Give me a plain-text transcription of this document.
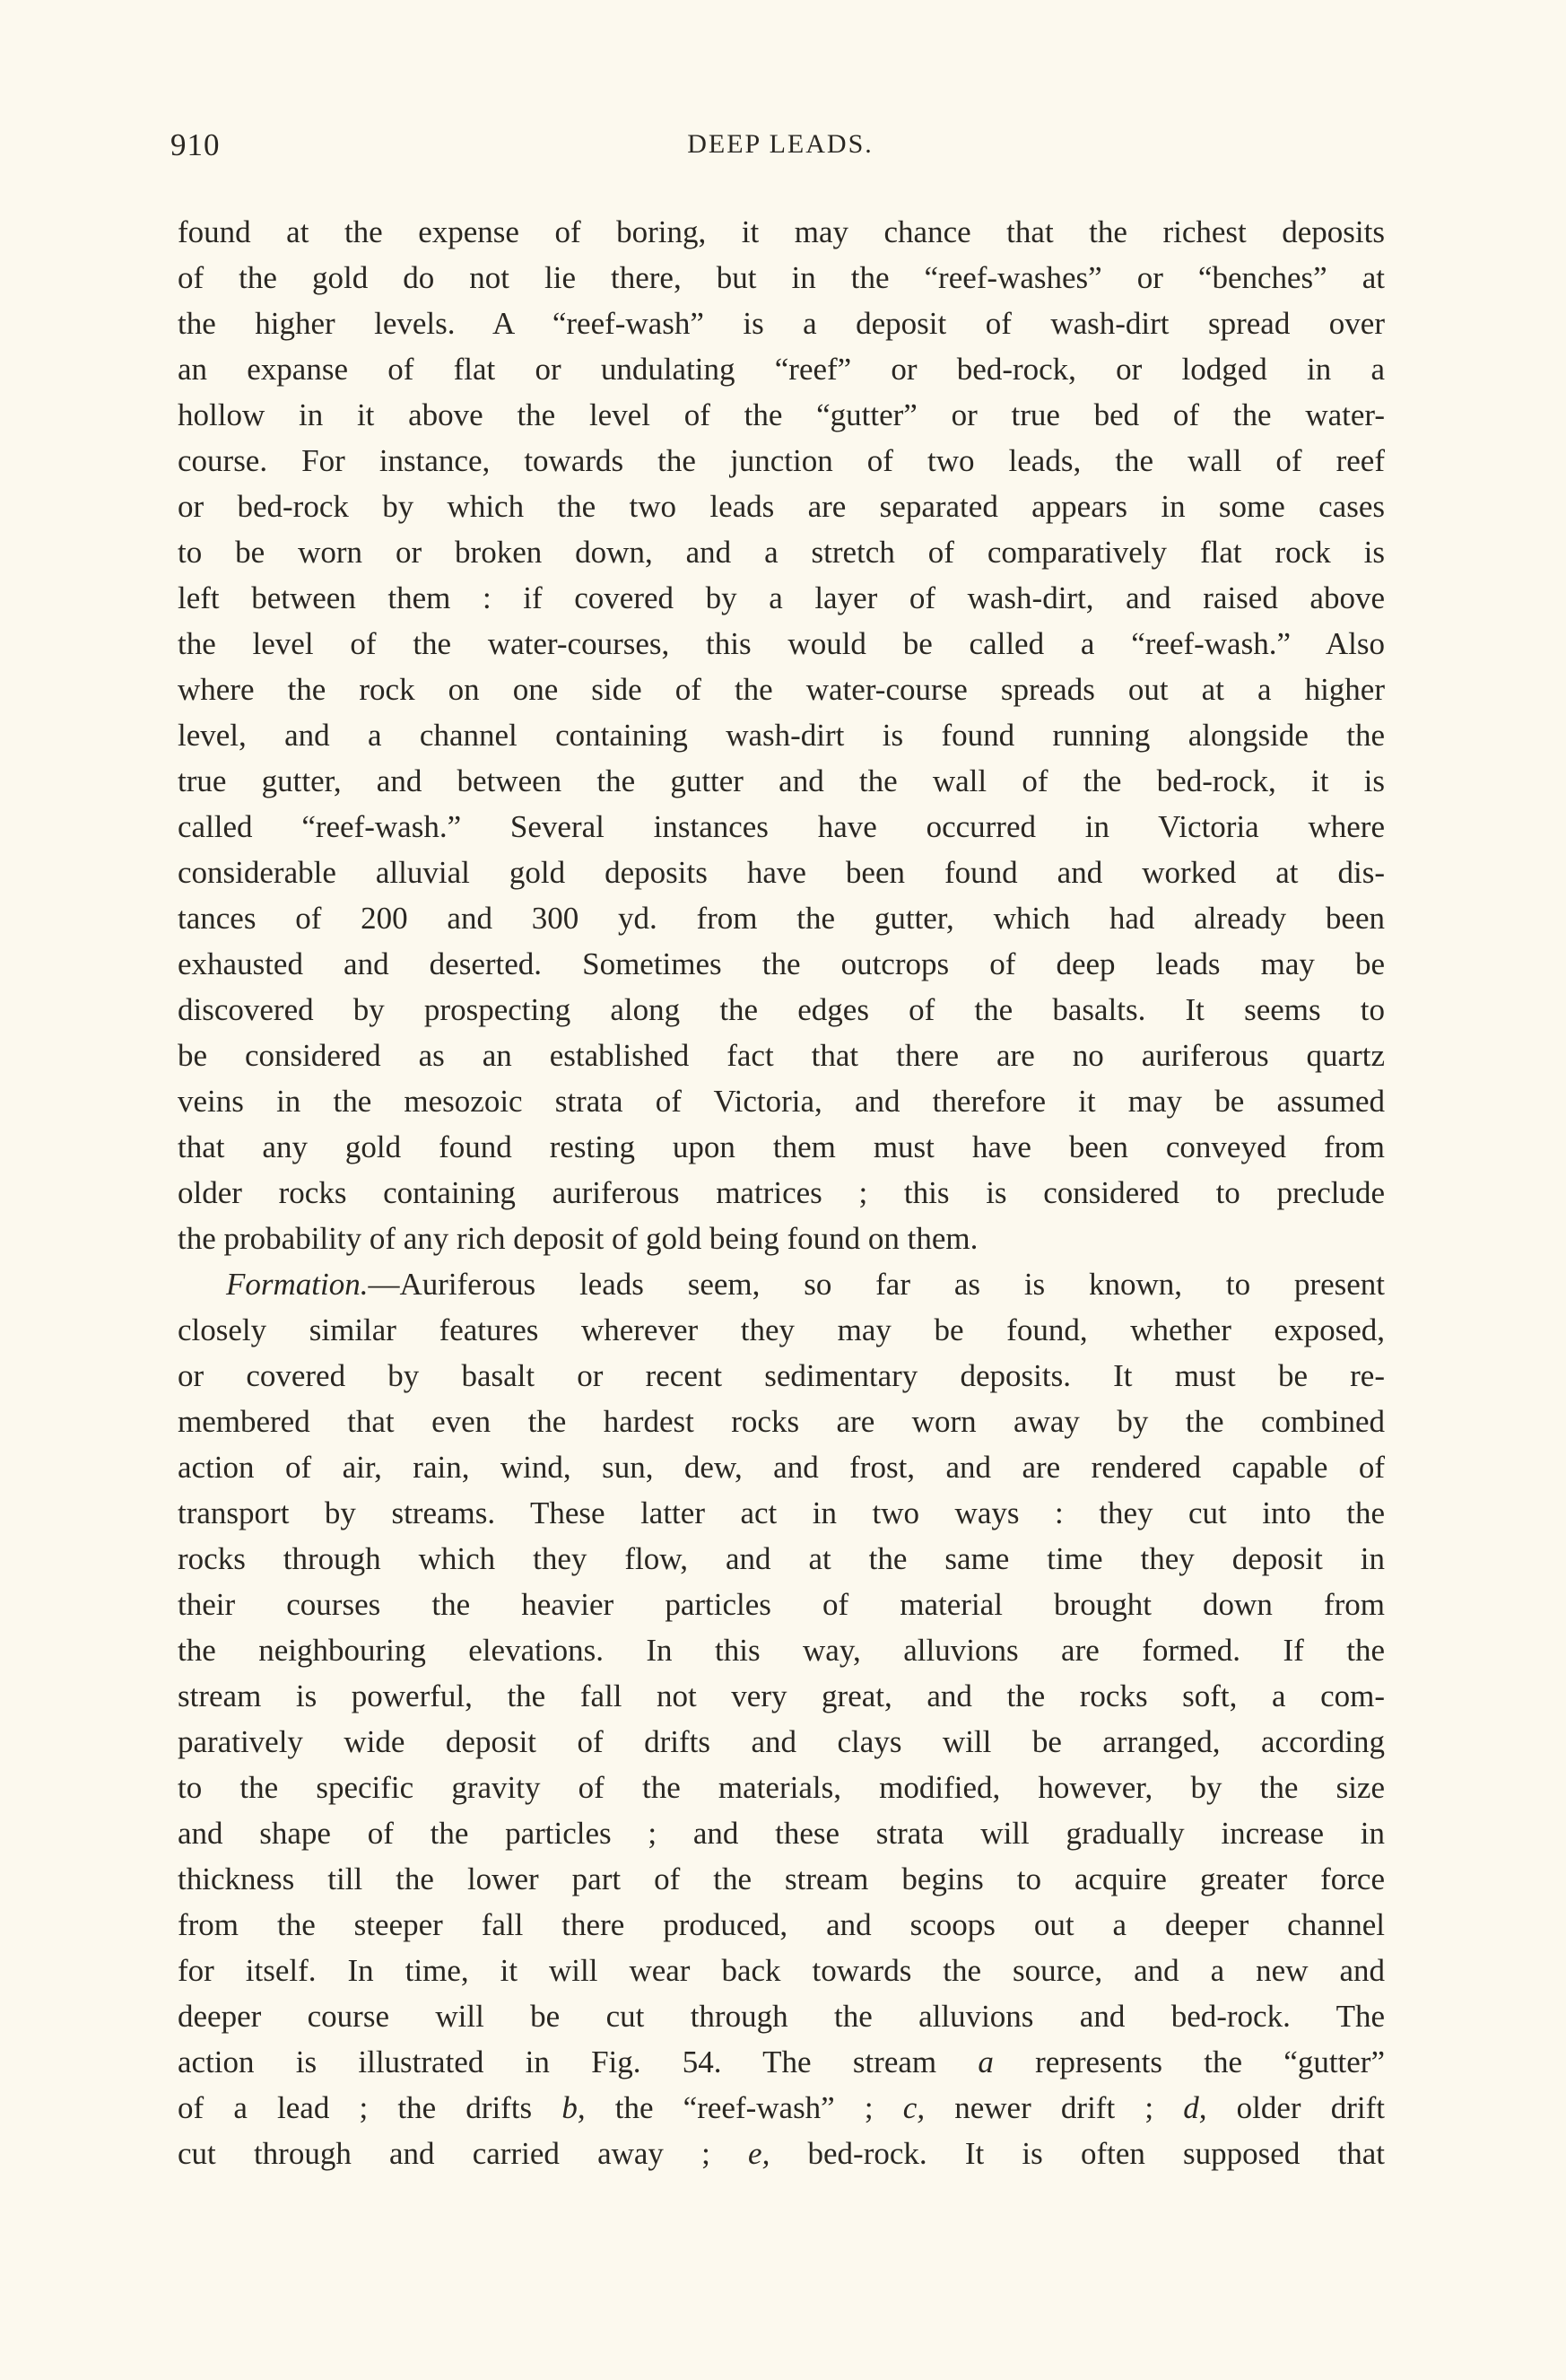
910	DEEP LEADS.
found at the expense of boring, it may chance that the richest deposits
of the gold do not lie there, but in the “reef-washes” or “benches” at
the higher levels. A “reef-wash” is a deposit of wash-dirt spread over
an expanse of flat or undulating “reef” or bed-rock, or lodged in a
hollow in it above the level of the “gutter” or true bed of the water-
course. For instance, towards the junction of two leads, the wall of reef
or bed-rock by which the two leads are separated appears in some cases
to be worn or broken down, and a stretch of comparatively flat rock is
left between them : if covered by a layer of wash-dirt, and raised above
the level of the water-courses, this would be called a “reef-wash.” Also
where the rock on one side of the water-course spreads out at a higher
level, and a channel containing wash-dirt is found running alongside the
true gutter, and between the gutter and the wall of the bed-rock, it is
called “reef-wash.” Several instances have occurred in Victoria where
considerable alluvial gold deposits have been found and worked at dis-
tances of 200 and 300 yd. from the gutter, which had already been
exhausted and deserted. Sometimes the outcrops of deep leads may be
discovered by prospecting along the edges of the basalts. It seems to
be considered as an established fact that there are no auriferous quartz
veins in the mesozoic strata of Victoria, and therefore it may be assumed
that any gold found resting upon them must have been conveyed from
older rocks containing auriferous matrices ; this is considered to preclude
the probability of any rich deposit of gold being found on them.
Formation.—Auriferous leads seem, so far as is known, to present
closely similar features wherever they may be found, whether exposed,
or covered by basalt or recent sedimentary deposits. It must be re-
membered that even the hardest rocks are worn away by the combined
action of air, rain, wind, sun, dew, and frost, and are rendered capable of
transport by streams. These latter act in two ways : they cut into the
rocks through which they flow, and at the same time they deposit in
their courses the heavier particles of material brought down from
the neighbouring elevations. In this way, alluvions are formed. If the
stream is powerful, the fall not very great, and the rocks soft, a com-
paratively wide deposit of drifts and clays will be arranged, according
to the specific gravity of the materials, modified, however, by the size
and shape of the particles ; and these strata will gradually increase in
thickness till the lower part of the stream begins to acquire greater force
from the steeper fall there produced, and scoops out a deeper channel
for itself. In time, it will wear back towards the source, and a new and
deeper course will be cut through the alluvions and bed-rock. The
action is illustrated in Fig. 54. The stream a represents the “gutter”
of a lead ; the drifts b, the “reef-wash” ; c, newer drift ; d, older drift
cut through and carried away ; e, bed-rock. It is often supposed that
